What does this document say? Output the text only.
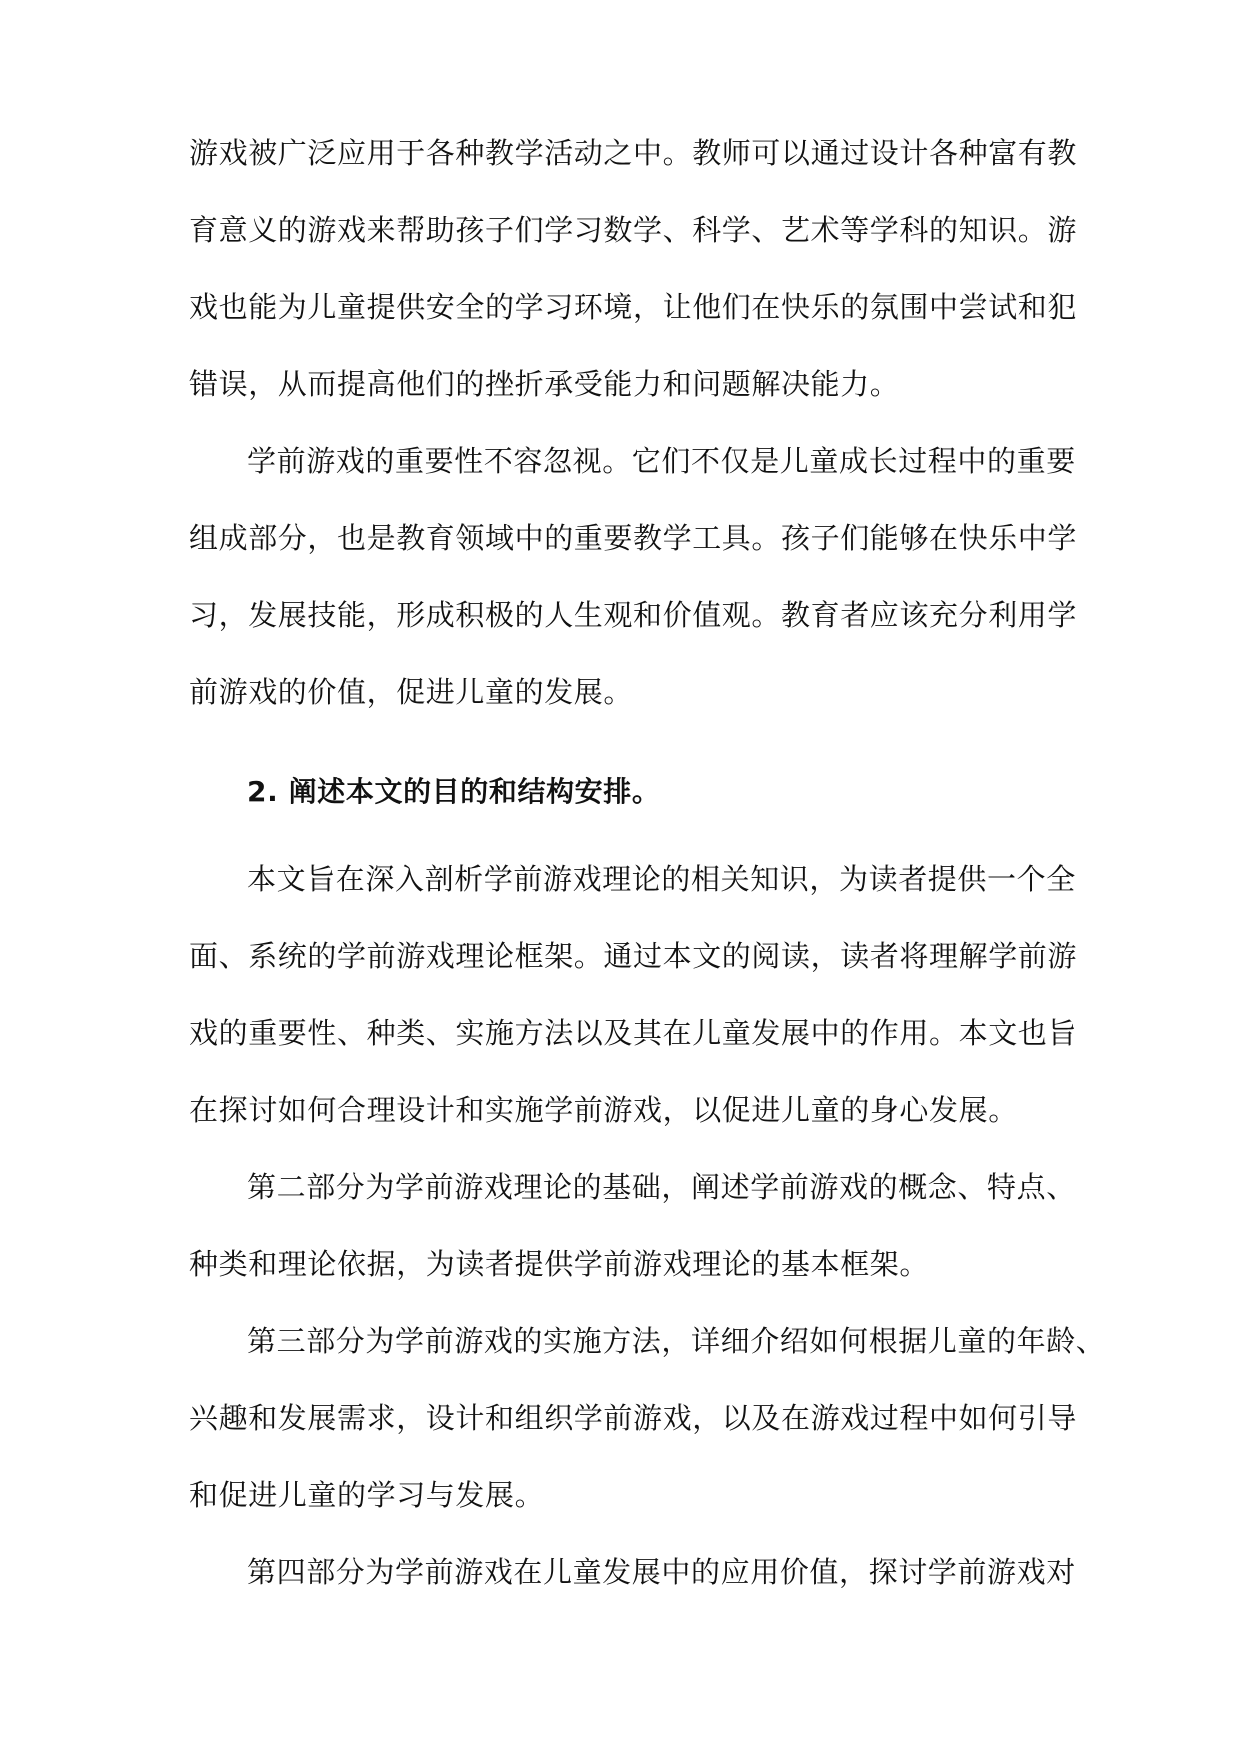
游戏被广泛应用于各种教学活动之中。教师可以通过设计各种富有教
育意义的游戏来帮助孩子们学习数学、科学、艺术等学科的知识。游
戏也能为儿童提供安全的学习环境，让他们在快乐的氛围中尝试和犯
错误，从而提高他们的挫折承受能力和问题解决能力。
学前游戏的重要性不容忽视。它们不仅是儿童成长过程中的重要
组成部分，也是教育领域中的重要教学工具。孩子们能够在快乐中学
习，发展技能，形成积极的人生观和价值观。教育者应该充分利用学
前游戏的价值，促进儿童的发展。
2. 阐述本文的目的和结构安排。
本文旨在深入剖析学前游戏理论的相关知识，为读者提供一个全
面、系统的学前游戏理论框架。通过本文的阅读，读者将理解学前游
戏的重要性、种类、实施方法以及其在儿童发展中的作用。本文也旨
在探讨如何合理设计和实施学前游戏，以促进儿童的身心发展。
第二部分为学前游戏理论的基础，阐述学前游戏的概念、特点、
种类和理论依据，为读者提供学前游戏理论的基本框架。
第三部分为学前游戏的实施方法，详细介绍如何根据儿童的年龄、
兴趣和发展需求，设计和组织学前游戏，以及在游戏过程中如何引导
和促进儿童的学习与发展。
第四部分为学前游戏在儿童发展中的应用价值，探讨学前游戏对
